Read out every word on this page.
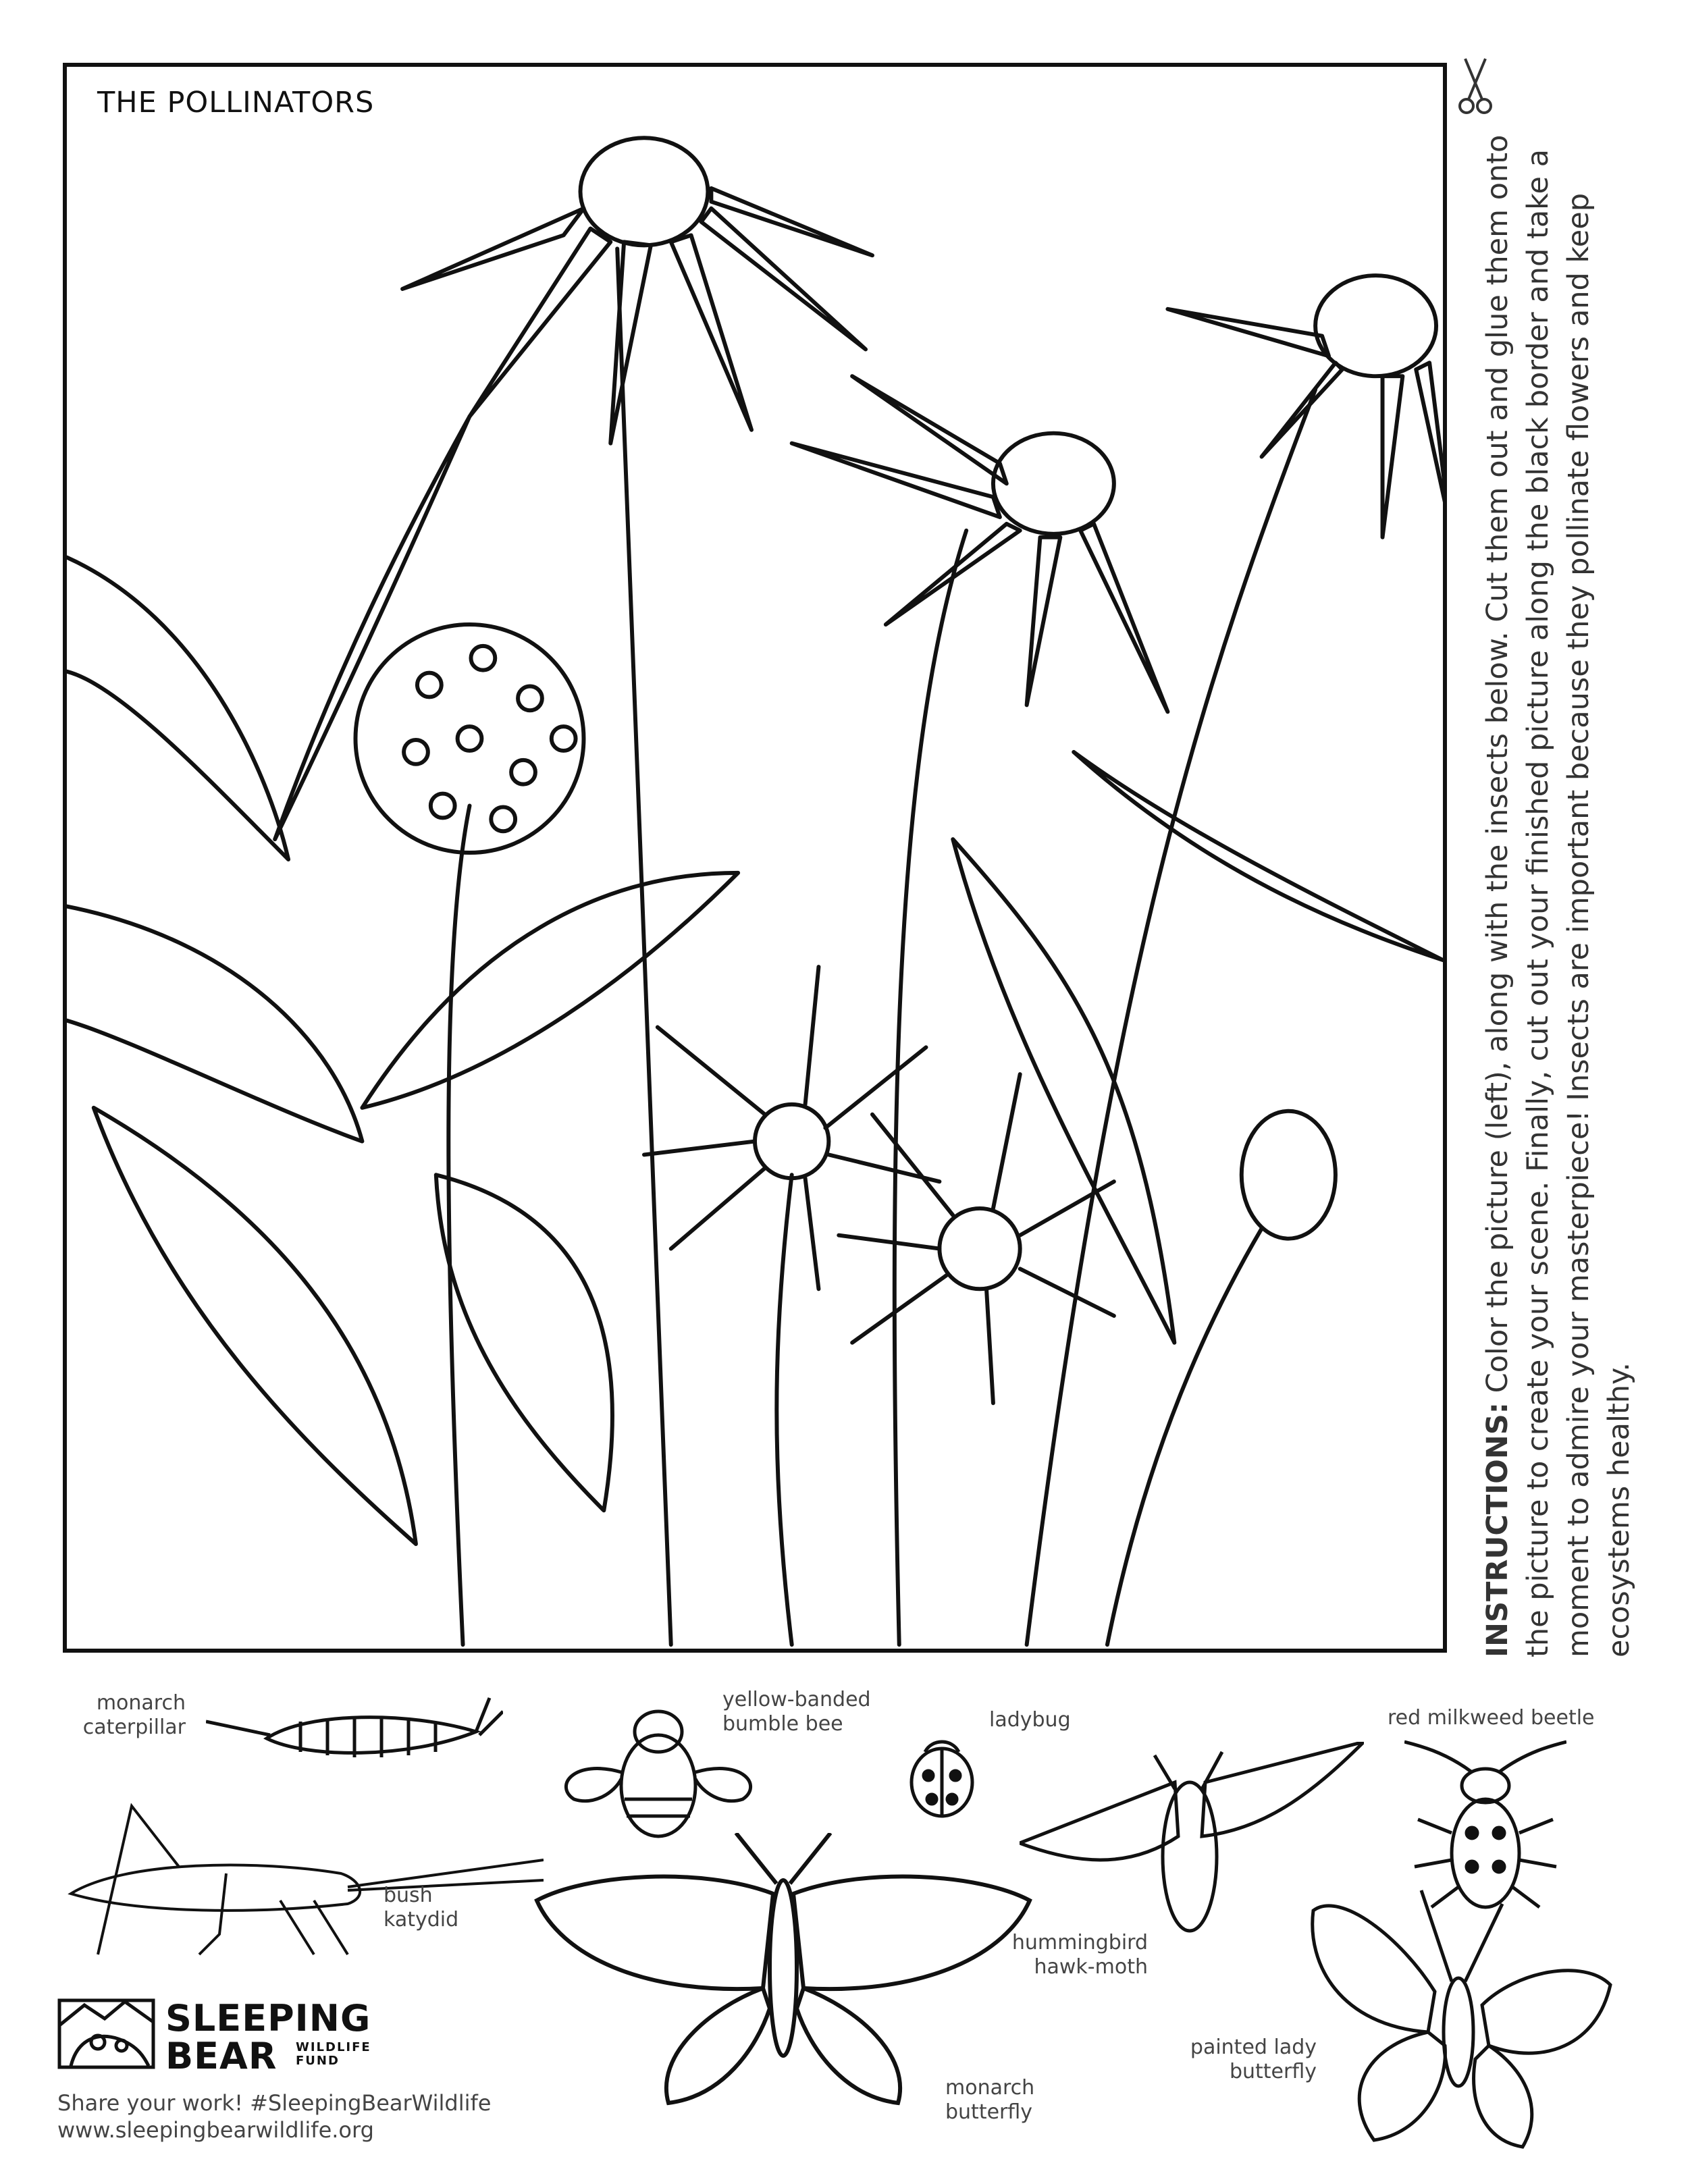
THE POLLINATORS
INSTRUCTIONS: Color the picture (left), along with the insects below. Cut them out and glue them onto the picture to create your scene. Finally, cut out your finished picture along the black border and take a moment to admire your masterpiece! Insects are important because they pollinate flowers and keep ecosystems healthy.
monarch
caterpillar
yellow-banded
bumble bee	ladybug	red milkweed beetle
bush
katydid
hummingbird
hawk-moth
monarch
butterfly
painted lady
butterfly
SLEEPING
BEAR	WILDLIFE
FUND
Share your work! #SleepingBearWildlife
www.sleepingbearwildlife.org
